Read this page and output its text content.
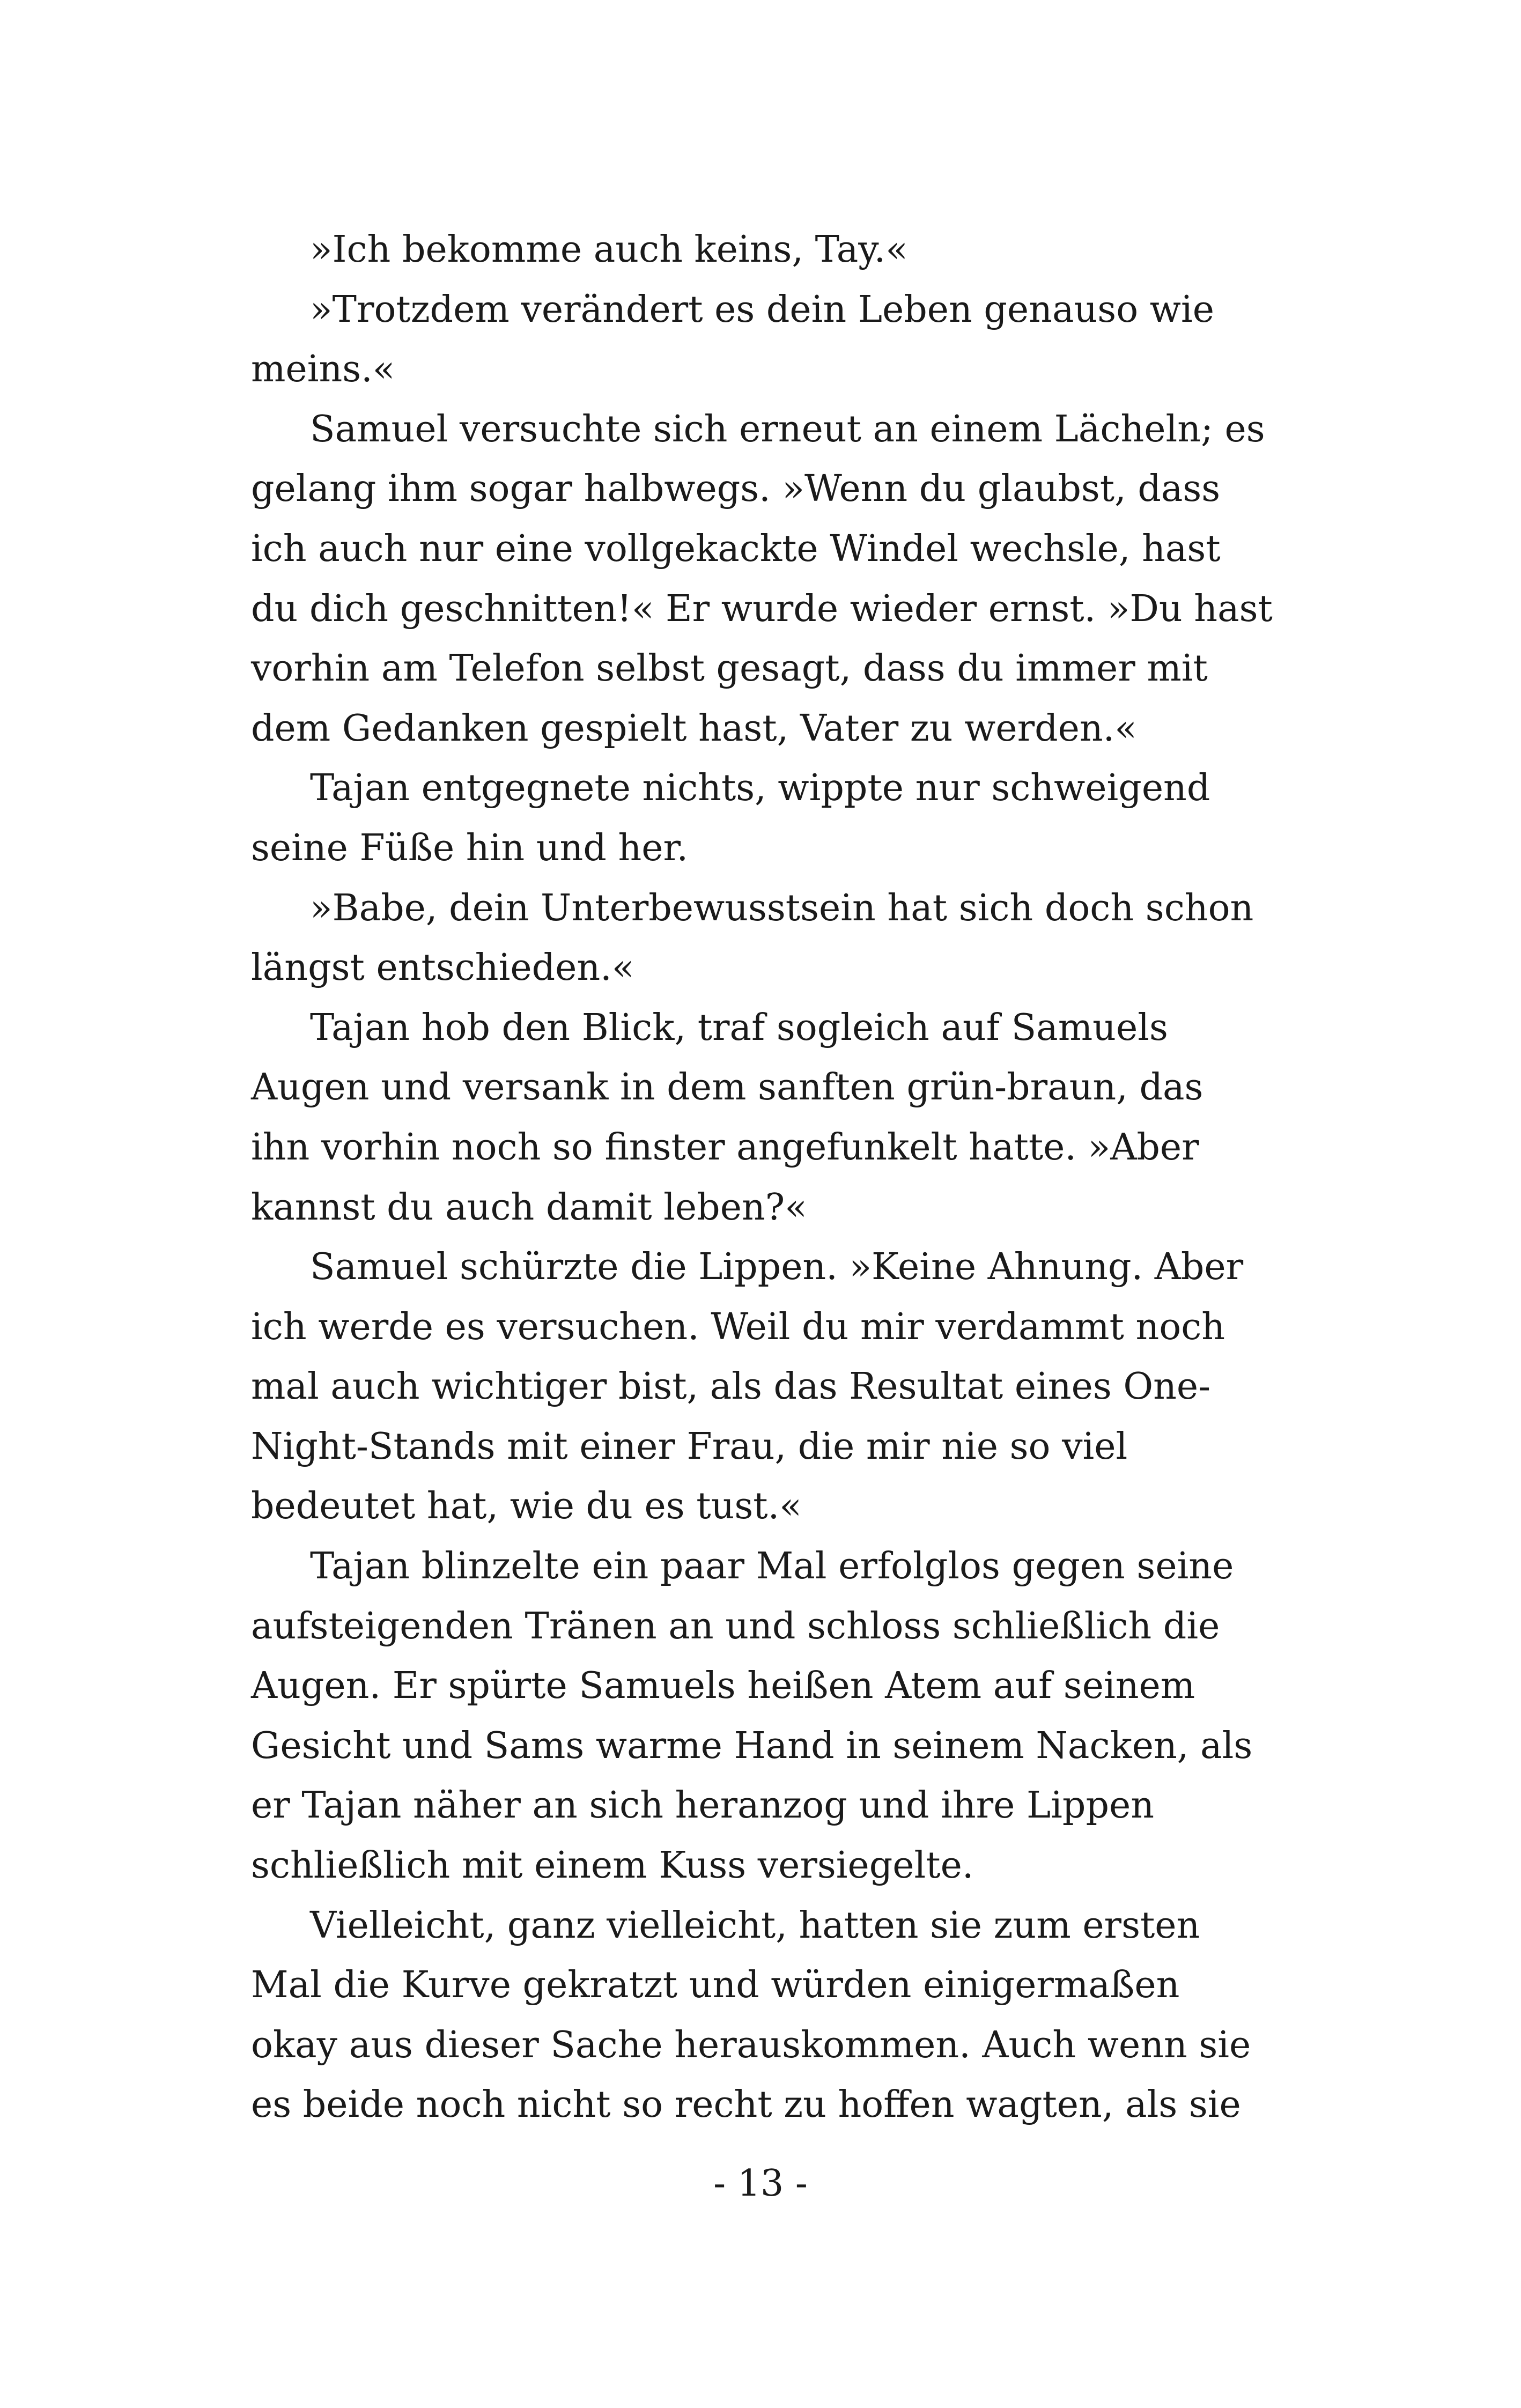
»Ich bekomme auch keins, Tay.«
»Trotzdem verändert es dein Leben genauso wie
meins.«
Samuel versuchte sich erneut an einem Lächeln; es
gelang ihm sogar halbwegs. »Wenn du glaubst, dass
ich auch nur eine vollgekackte Windel wechsle, hast
du dich geschnitten!« Er wurde wieder ernst. »Du hast
vorhin am Telefon selbst gesagt, dass du immer mit
dem Gedanken gespielt hast, Vater zu werden.«
Tajan entgegnete nichts, wippte nur schweigend
seine Füße hin und her.
»Babe, dein Unterbewusstsein hat sich doch schon
längst entschieden.«
Tajan hob den Blick, traf sogleich auf Samuels
Augen und versank in dem sanften grün-braun, das
ihn vorhin noch so finster angefunkelt hatte. »Aber
kannst du auch damit leben?«
Samuel schürzte die Lippen. »Keine Ahnung. Aber
ich werde es versuchen. Weil du mir verdammt noch
mal auch wichtiger bist, als das Resultat eines One-
Night-Stands mit einer Frau, die mir nie so viel
bedeutet hat, wie du es tust.«
Tajan blinzelte ein paar Mal erfolglos gegen seine
aufsteigenden Tränen an und schloss schließlich die
Augen. Er spürte Samuels heißen Atem auf seinem
Gesicht und Sams warme Hand in seinem Nacken, als
er Tajan näher an sich heranzog und ihre Lippen
schließlich mit einem Kuss versiegelte.
Vielleicht, ganz vielleicht, hatten sie zum ersten
Mal die Kurve gekratzt und würden einigermaßen
okay aus dieser Sache herauskommen. Auch wenn sie
es beide noch nicht so recht zu hoffen wagten, als sie
- 13 -
